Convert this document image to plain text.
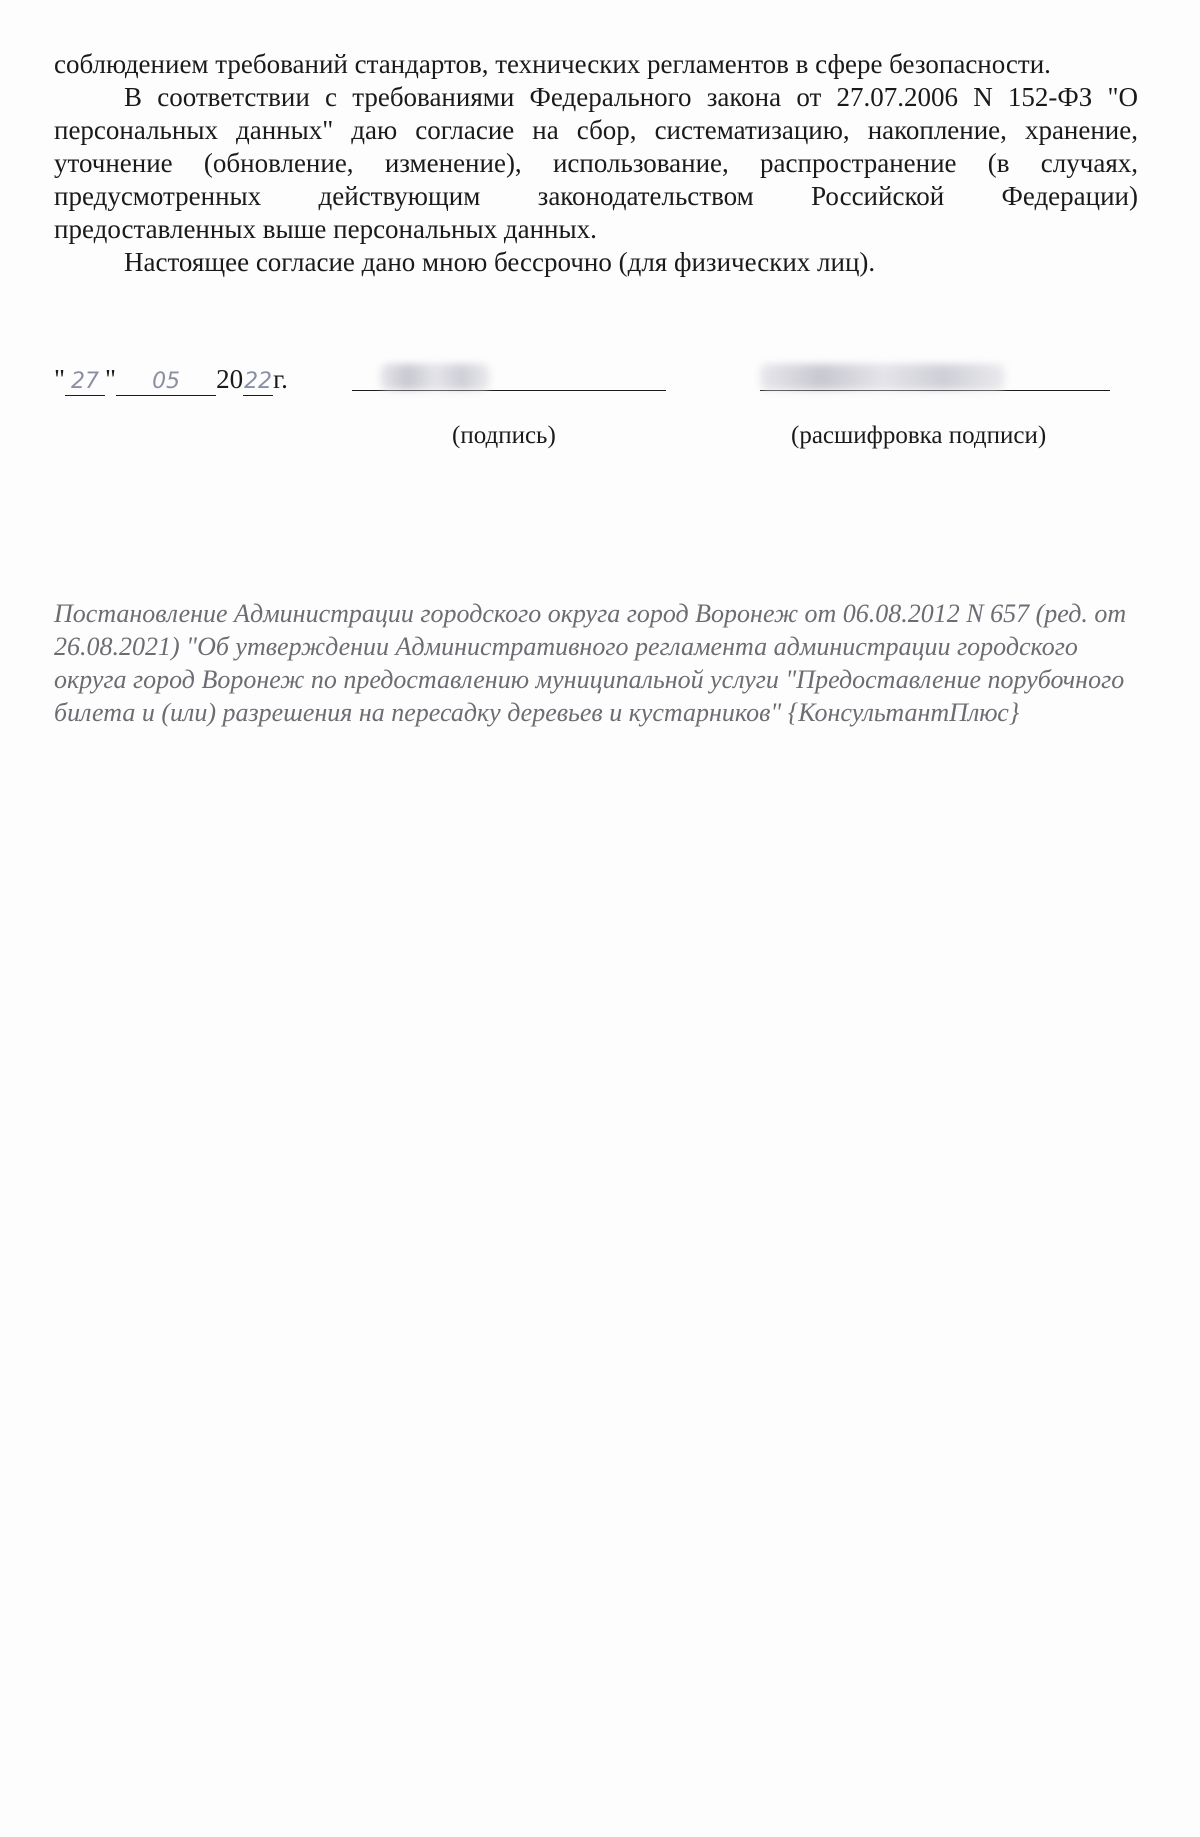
соблюдением требований стандартов, технических регламентов в сфере безопасности.

В соответствии с требованиями Федерального закона от 27.07.2006 N 152-ФЗ "О персональных данных" даю согласие на сбор, систематизацию, накопление, хранение, уточнение (обновление, изменение), использование, распространение (в случаях, предусмотренных действующим законодательством Российской Федерации) предоставленных выше персональных данных.

Настоящее согласие дано мною бессрочно (для физических лиц).

" 27 " 05 2022г.
(подпись)	(расшифровка подписи)

Постановление Администрации городского округа город Воронеж от 06.08.2012 N 657 (ред. от 26.08.2021) "Об утверждении Административного регламента администрации городского округа город Воронеж по предоставлению муниципальной услуги "Предоставление порубочного билета и (или) разрешения на пересадку деревьев и кустарников" {КонсультантПлюс}
